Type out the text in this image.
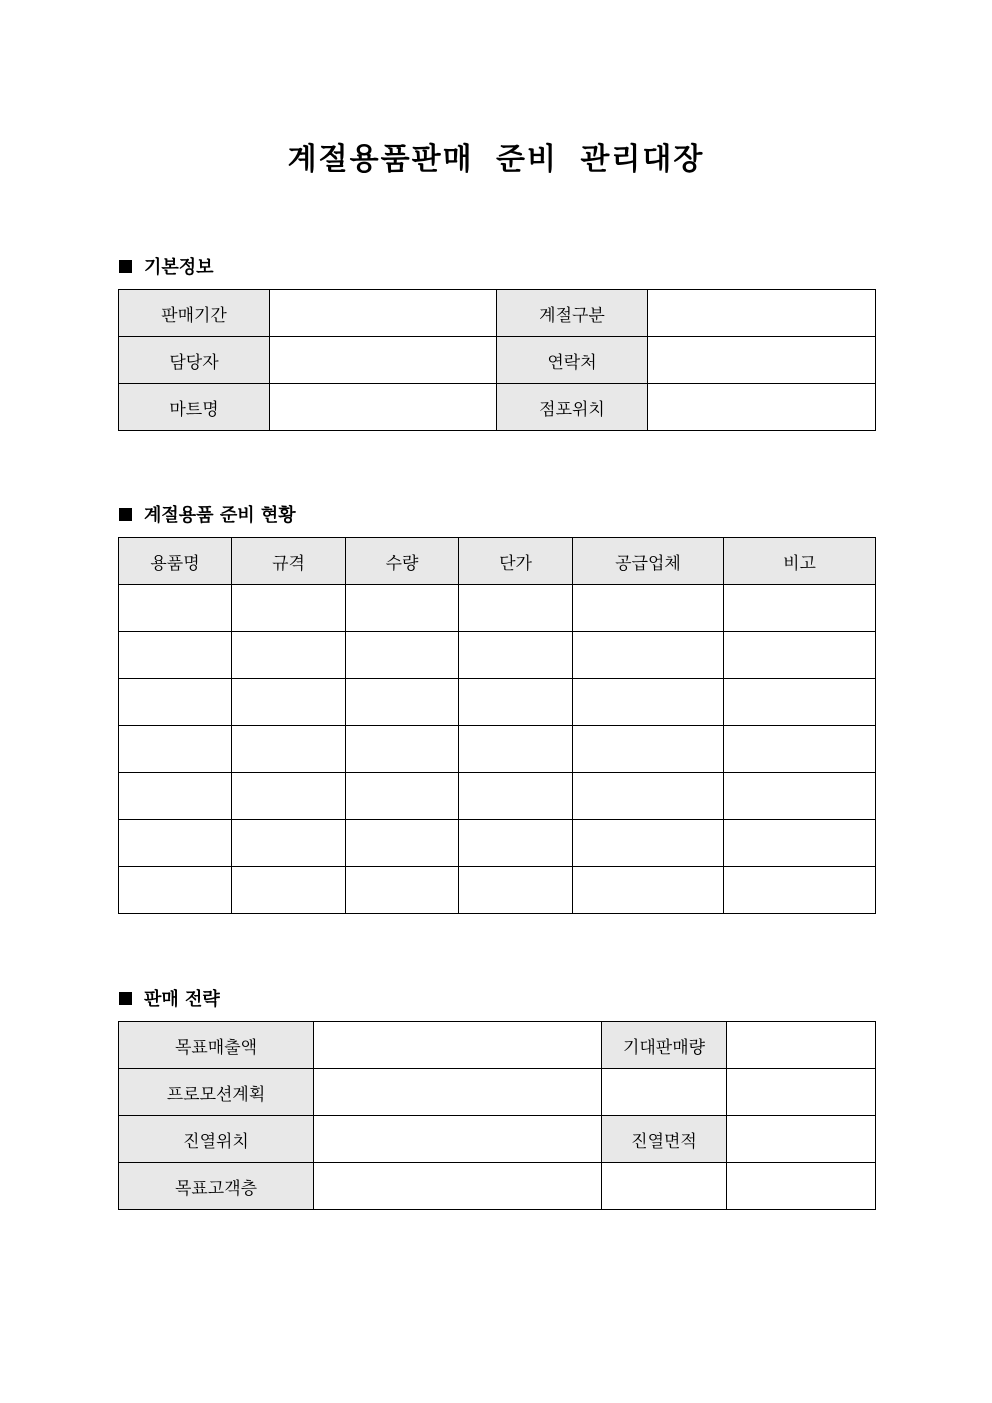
계절용품판매 준비 관리대장
기본정보
판매기간		계절구분	
담당자		연락처	
마트명		점포위치	
계절용품 준비 현황
용품명	규격	수량	단가	공급업체	비고

판매 전략
목표매출액		기대판매량	
프로모션계획			
진열위치		진열면적	
목표고객층			
